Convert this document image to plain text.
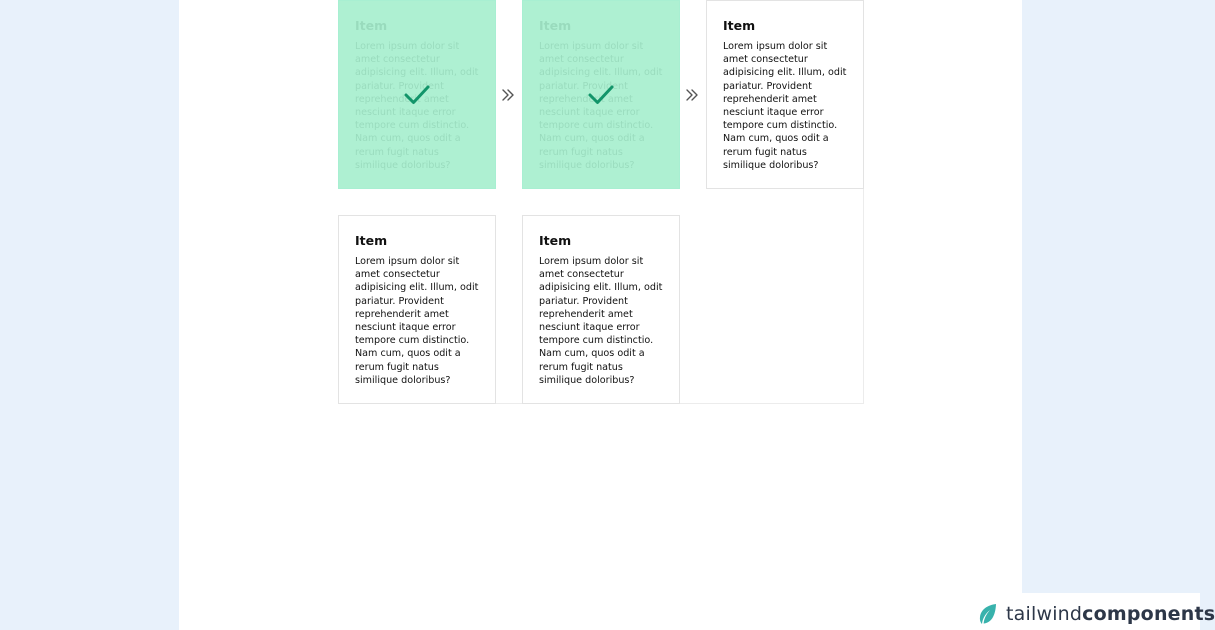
Item
Lorem ipsum dolor sit amet consectetur adipisicing elit. Illum, odit pariatur. Provident reprehenderit amet nesciunt itaque error tempore cum distinctio. Nam cum, quos odit a rerum fugit natus similique doloribus?
Item
Lorem ipsum dolor sit amet consectetur adipisicing elit. Illum, odit pariatur. Provident reprehenderit amet nesciunt itaque error tempore cum distinctio. Nam cum, quos odit a rerum fugit natus similique doloribus?
Item
Lorem ipsum dolor sit amet consectetur adipisicing elit. Illum, odit pariatur. Provident reprehenderit amet nesciunt itaque error tempore cum distinctio. Nam cum, quos odit a rerum fugit natus similique doloribus?
tailwindcomponents
